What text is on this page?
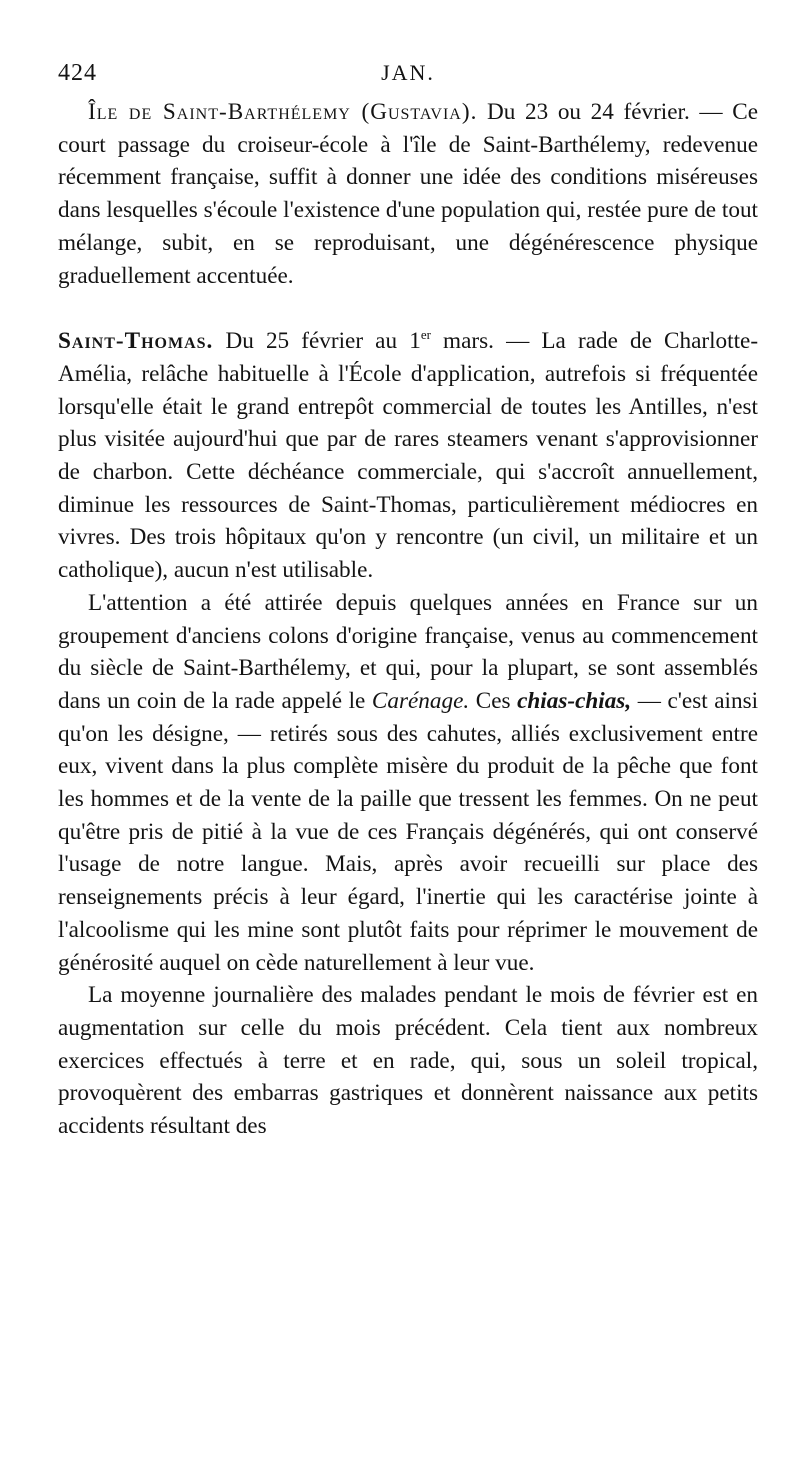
424	JAN.

Île de Saint-Barthélemy (Gustavia). Du 23 ou 24 février. — Ce court passage du croiseur-école à l'île de Saint-Barthélemy, redevenue récemment française, suffit à donner une idée des conditions miséreuses dans lesquelles s'écoule l'existence d'une population qui, restée pure de tout mélange, subit, en se reproduisant, une dégénérescence physique graduellement accentuée.

Saint-Thomas. Du 25 février au 1er mars. — La rade de Charlotte-Amélia, relâche habituelle à l'École d'application, autrefois si fréquentée lorsqu'elle était le grand entrepôt commercial de toutes les Antilles, n'est plus visitée aujourd'hui que par de rares steamers venant s'approvisionner de charbon. Cette déchéance commerciale, qui s'accroît annuellement, diminue les ressources de Saint-Thomas, particulièrement médiocres en vivres. Des trois hôpitaux qu'on y rencontre (un civil, un militaire et un catholique), aucun n'est utilisable.

L'attention a été attirée depuis quelques années en France sur un groupement d'anciens colons d'origine française, venus au commencement du siècle de Saint-Barthélemy, et qui, pour la plupart, se sont assemblés dans un coin de la rade appelé le Carénage. Ces chias-chias, — c'est ainsi qu'on les désigne, — retirés sous des cahutes, alliés exclusivement entre eux, vivent dans la plus complète misère du produit de la pêche que font les hommes et de la vente de la paille que tressent les femmes. On ne peut qu'être pris de pitié à la vue de ces Français dégénérés, qui ont conservé l'usage de notre langue. Mais, après avoir recueilli sur place des renseignements précis à leur égard, l'inertie qui les caractérise jointe à l'alcoolisme qui les mine sont plutôt faits pour réprimer le mouvement de générosité auquel on cède naturellement à leur vue.

La moyenne journalière des malades pendant le mois de février est en augmentation sur celle du mois précédent. Cela tient aux nombreux exercices effectués à terre et en rade, qui, sous un soleil tropical, provoquèrent des embarras gastriques et donnèrent naissance aux petits accidents résultant des
